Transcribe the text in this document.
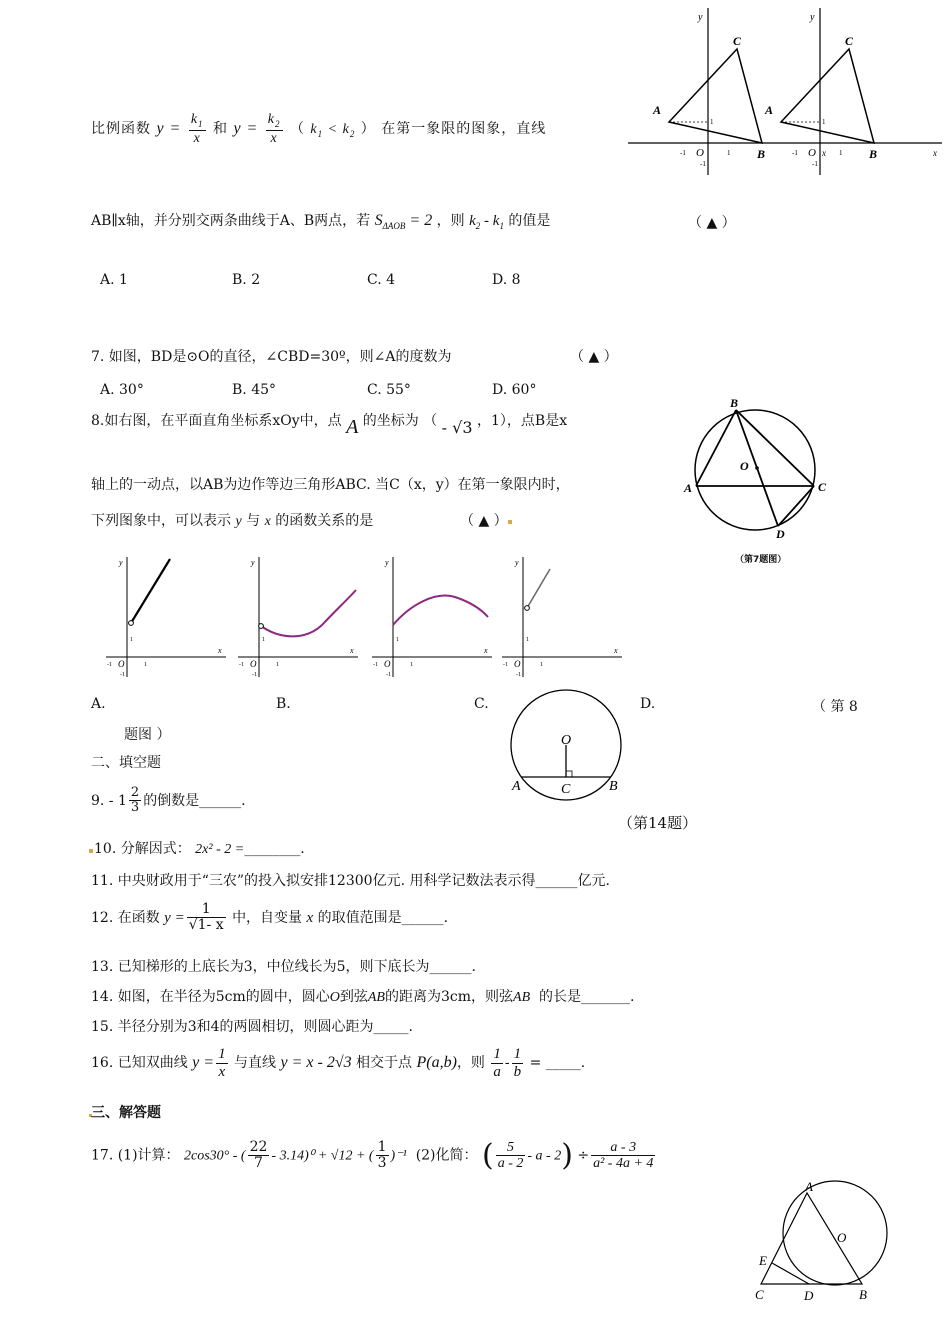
y	y
C	C
A	A
B	B
O	O
1	1
1	1
-1	-1
-1	-1
x	x
比例函数 $y = \frac{k_1}{x}$ 和 $y = \frac{k_2}{x}$ （ $k_1 < k_2$ ） 在第一象限的图象，直线
AB∥x轴，并分别交两条曲线于A、B两点，若 $S_{\Delta AOB} = 2$ ，则 $k_2 - k_1$ 的值是	（ ▲ ）
A. 1	B. 2	C. 4	D. 8
7. 如图，BD是⊙O的直径，∠CBD=30º，则∠A的度数为	（ ▲ ）
A. 30°	B. 45°	C. 55°	D. 60°
B
A	C
D
O
（第7题图）
8.如右图，在平面直角坐标系xOy中，点 A 的坐标为 （ - √3 ，1），点B是x
轴上的一动点，以AB为边作等边三角形ABC. 当C（x，y）在第一象限内时，
下列图象中，可以表示 y 与 x 的函数关系的是	（ ▲ ）
y
x
O
1
1
-1
-1
y
x
O
1
1
-1
-1
y
x
O
1
1
-1
-1
y
x
O
1
1
-1
-1
A.	B.	C.	D.	（ 第 8
题图 ）	O
A	B
C
（第14题）
二、填空题
9. - $1 \frac{2}{3}$ 的倒数是______.
10. 分解因式： 2x² - 2 =________.
11. 中央财政用于“三农”的投入拟安排12300亿元. 用科学记数法表示得______亿元.
12. 在函数 $y = \frac{1}{√1- x}$ 中，自变量 x 的取值范围是______.
13. 已知梯形的上底长为3，中位线长为5，则下底长为______.
14. 如图，在半径为5cm的圆中，圆心O到弦AB的距离为3cm，则弦AB 的长是_______.
15. 半径分别为3和4的两圆相切，则圆心距为_____.
16. 已知双曲线 $y = \frac{1}{x}$ 与直线 y = x - 2√3 相交于点 P(a,b)，则 $\frac{1}{a} - \frac{1}{b}$ = _____.
三、解答题
17. (1)计算： 2cos30° - ( $\frac{22}{7} - 3.14)^0 + √12$ + ( $\frac{1}{3} )^{-1}$ (2)化简： ( $\frac{5}{a - 2} - a - 2) \div \frac{a - 3}{\text{a² - 4a + 4}}$
A
O
E
C	D	B
